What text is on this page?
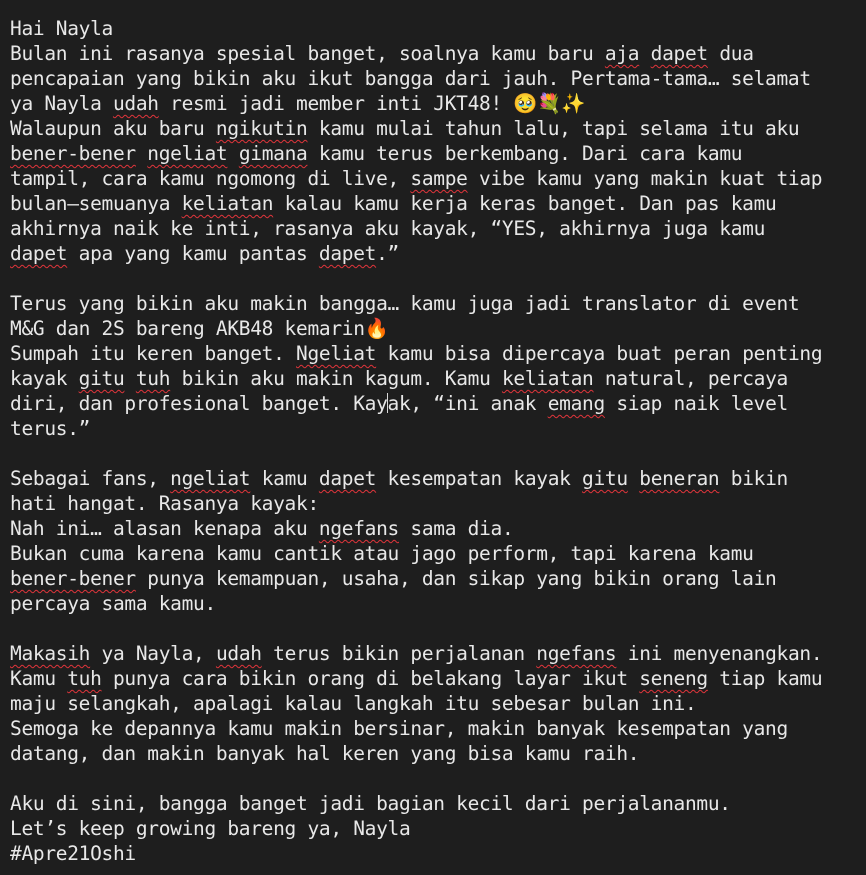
Hai Nayla
Bulan ini rasanya spesial banget, soalnya kamu baru aja dapet dua
pencapaian yang bikin aku ikut bangga dari jauh. Pertama-tama… selamat
ya Nayla udah resmi jadi member inti JKT48! 🥹💐✨
Walaupun aku baru ngikutin kamu mulai tahun lalu, tapi selama itu aku
bener-bener ngeliat gimana kamu terus berkembang. Dari cara kamu
tampil, cara kamu ngomong di live, sampe vibe kamu yang makin kuat tiap
bulan—semuanya keliatan kalau kamu kerja keras banget. Dan pas kamu
akhirnya naik ke inti, rasanya aku kayak, “YES, akhirnya juga kamu
dapet apa yang kamu pantas dapet.”
Terus yang bikin aku makin bangga… kamu juga jadi translator di event
M&G dan 2S bareng AKB48 kemarin🔥
Sumpah itu keren banget. Ngeliat kamu bisa dipercaya buat peran penting
kayak gitu tuh bikin aku makin kagum. Kamu keliatan natural, percaya
diri, dan profesional banget. Kayak, “ini anak emang siap naik level
terus.”
Sebagai fans, ngeliat kamu dapet kesempatan kayak gitu beneran bikin
hati hangat. Rasanya kayak:
Nah ini… alasan kenapa aku ngefans sama dia.
Bukan cuma karena kamu cantik atau jago perform, tapi karena kamu
bener-bener punya kemampuan, usaha, dan sikap yang bikin orang lain
percaya sama kamu.
Makasih ya Nayla, udah terus bikin perjalanan ngefans ini menyenangkan.
Kamu tuh punya cara bikin orang di belakang layar ikut seneng tiap kamu
maju selangkah, apalagi kalau langkah itu sebesar bulan ini.
Semoga ke depannya kamu makin bersinar, makin banyak kesempatan yang
datang, dan makin banyak hal keren yang bisa kamu raih.
Aku di sini, bangga banget jadi bagian kecil dari perjalananmu.
Let’s keep growing bareng ya, Nayla
#Apre21Oshi
